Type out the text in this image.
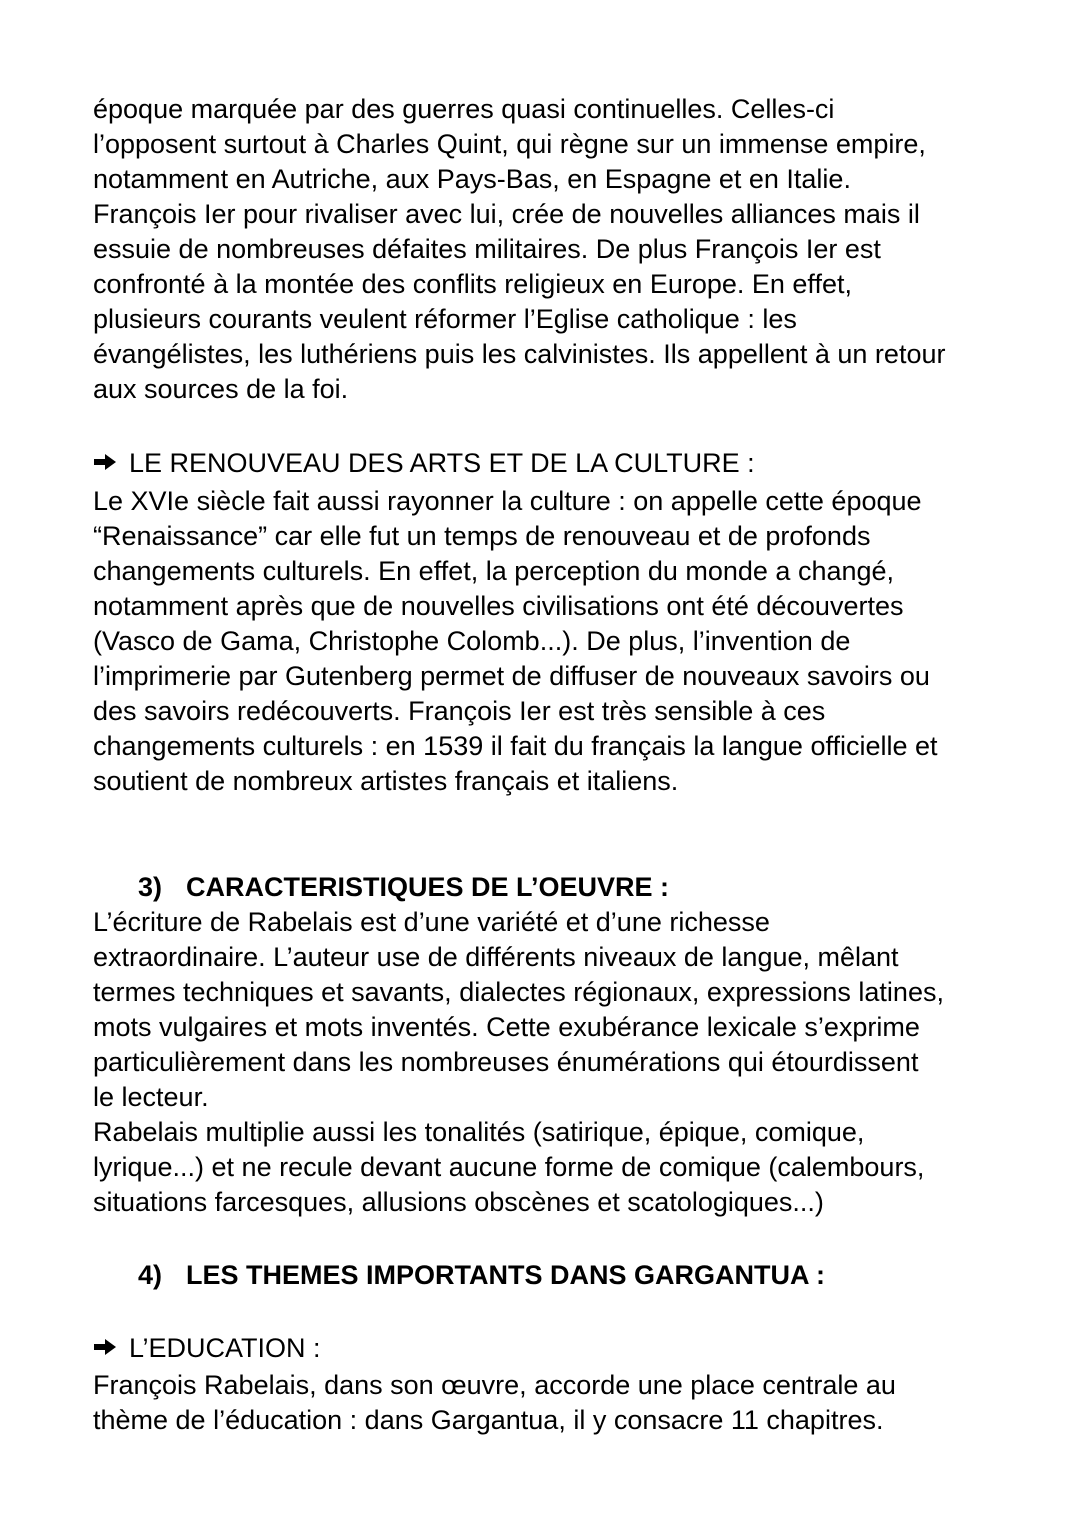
époque marquée par des guerres quasi continuelles. Celles-ci
l’opposent surtout à Charles Quint, qui règne sur un immense empire,
notamment en Autriche, aux Pays-Bas, en Espagne et en Italie.
François Ier pour rivaliser avec lui, crée de nouvelles alliances mais il
essuie de nombreuses défaites militaires. De plus François Ier est
confronté à la montée des conflits religieux en Europe. En effet,
plusieurs courants veulent réformer l’Eglise catholique : les
évangélistes, les luthériens puis les calvinistes. Ils appellent à un retour
aux sources de la foi.
LE RENOUVEAU DES ARTS ET DE LA CULTURE :
Le XVIe siècle fait aussi rayonner la culture : on appelle cette époque
“Renaissance” car elle fut un temps de renouveau et de profonds
changements culturels. En effet, la perception du monde a changé,
notamment après que de nouvelles civilisations ont été découvertes
(Vasco de Gama, Christophe Colomb...). De plus, l’invention de
l’imprimerie par Gutenberg permet de diffuser de nouveaux savoirs ou
des savoirs redécouverts. François Ier est très sensible à ces
changements culturels : en 1539 il fait du français la langue officielle et
soutient de nombreux artistes français et italiens.
3) CARACTERISTIQUES DE L’OEUVRE :
L’écriture de Rabelais est d’une variété et d’une richesse
extraordinaire. L’auteur use de différents niveaux de langue, mêlant
termes techniques et savants, dialectes régionaux, expressions latines,
mots vulgaires et mots inventés. Cette exubérance lexicale s’exprime
particulièrement dans les nombreuses énumérations qui étourdissent
le lecteur.
Rabelais multiplie aussi les tonalités (satirique, épique, comique,
lyrique...) et ne recule devant aucune forme de comique (calembours,
situations farcesques, allusions obscènes et scatologiques...)
4) LES THEMES IMPORTANTS DANS GARGANTUA :
L’EDUCATION :
François Rabelais, dans son œuvre, accorde une place centrale au
thème de l’éducation : dans Gargantua, il y consacre 11 chapitres.
